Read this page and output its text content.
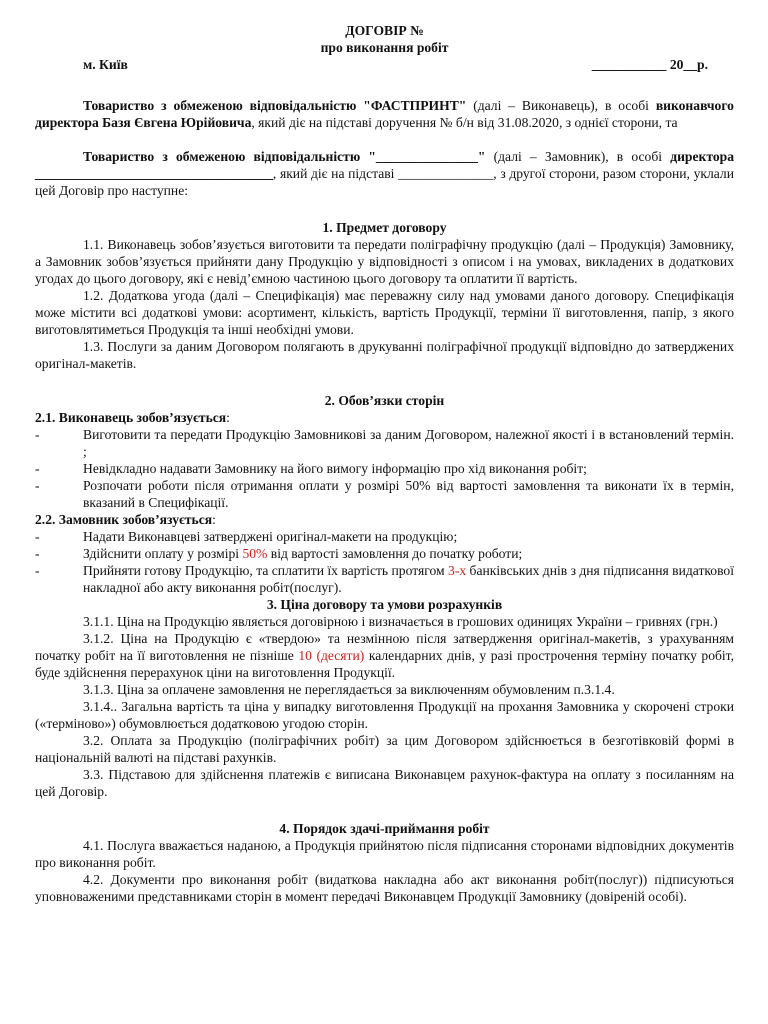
ДОГОВІР №
про виконання робіт
м. Київ	___________ 20__р.

Товариство з обмеженою відповідальністю "ФАСТПРИНТ" (далі – Виконавець), в особі виконавчого директора Базя Євгена Юрійовича, який діє на підставі доручення № б/н від 31.08.2020, з однієї сторони, та

Товариство з обмеженою відповідальністю "_______________" (далі – Замовник), в особі директора ___________________________________, який діє на підставі ______________, з другої сторони, разом сторони, уклали цей Договір про наступне:

1. Предмет договору

1.1. Виконавець зобов’язується виготовити та передати поліграфічну продукцію (далі – Продукція) Замовнику, а Замовник зобов’язується прийняти дану Продукцію у відповідності з описом і на умовах, викладених в додаткових угодах до цього договору, які є невід’ємною частиною цього договору та оплатити її вартість.

1.2. Додаткова угода (далі – Специфікація) має переважну силу над умовами даного договору. Специфікація може містити всі додаткові умови: асортимент, кількість, вартість Продукції, терміни її виготовлення, папір, з якого виготовлятиметься Продукція та інші необхідні умови.

1.3. Послуги за даним Договором полягають в друкуванні поліграфічної продукції відповідно до затверджених оригінал-макетів.

2. Обов’язки сторін

2.1. Виконавець зобов’язується:

-	Виготовити та передати Продукцію Замовникові за даним Договором, належної якості і в встановлений термін. ;
-	Невідкладно надавати Замовнику на його вимогу інформацію про хід виконання робіт;
-	Розпочати роботи після отримання оплати у розмірі 50% від вартості замовлення та виконати їх в термін, вказаний в Специфікації.

2.2. Замовник зобов’язується:

-	Надати Виконавцеві затверджені оригінал-макети на продукцію;
-	Здійснити оплату у розмірі 50% від вартості замовлення до початку роботи;
-	Прийняти готову Продукцію, та сплатити їх вартість протягом 3-х банківських днів з дня підписання видаткової накладної або акту виконання робіт(послуг).

3. Ціна договору та умови розрахунків

3.1.1. Ціна на Продукцію являється договірною і визначається в грошових одиницях України – гривнях (грн.)

3.1.2. Ціна на Продукцію є «твердою» та незмінною після затвердження оригінал-макетів, з урахуванням початку робіт на її виготовлення не пізніше 10 (десяти) календарних днів, у разі прострочення терміну початку робіт, буде здійснення перерахунок ціни на виготовлення Продукції.

3.1.3. Ціна за оплачене замовлення не переглядається за виключенням обумовленим п.3.1.4.

3.1.4.. Загальна вартість та ціна у випадку виготовлення Продукції на прохання Замовника у скорочені строки («терміново») обумовлюється додатковою угодою сторін.

3.2. Оплата за Продукцію (поліграфічних робіт) за цим Договором здійснюється в безготівковій формі в національній валюті на підставі рахунків.

3.3. Підставою для здійснення платежів є виписана Виконавцем рахунок-фактура на оплату з посиланням на цей Договір.

4. Порядок здачі-приймання робіт

4.1. Послуга вважається наданою, а Продукція прийнятою після підписання сторонами відповідних документів про виконання робіт.

4.2. Документи про виконання робіт (видаткова накладна або акт виконання робіт(послуг)) підписуються уповноваженими представниками сторін в момент передачі Виконавцем Продукції Замовнику (довіреній особі).
